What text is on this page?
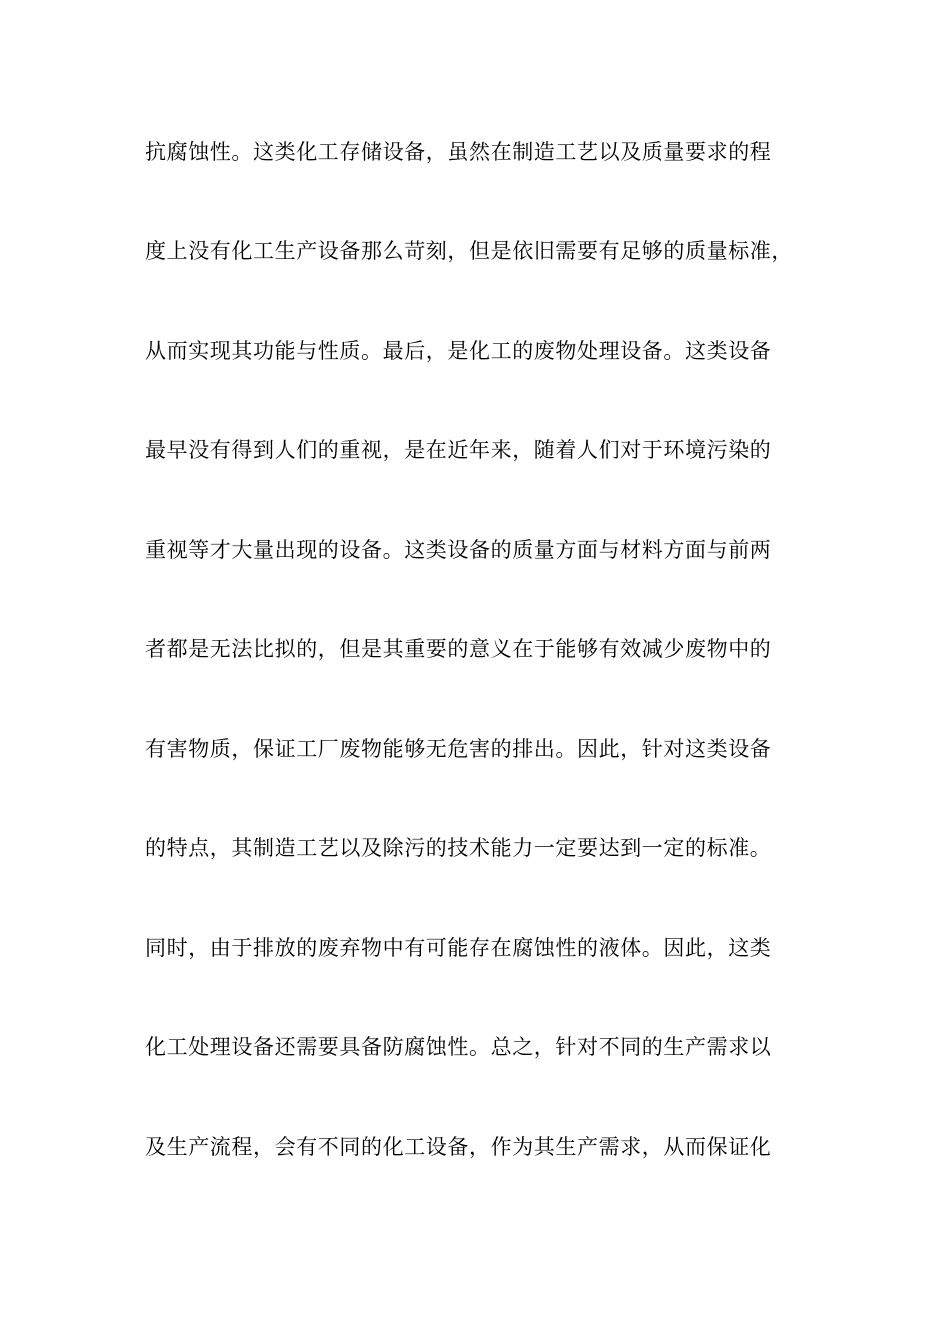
抗腐蚀性。这类化工存储设备，虽然在制造工艺以及质量要求的程
度上没有化工生产设备那么苛刻，但是依旧需要有足够的质量标准，
从而实现其功能与性质。最后，是化工的废物处理设备。这类设备
最早没有得到人们的重视，是在近年来，随着人们对于环境污染的
重视等才大量出现的设备。这类设备的质量方面与材料方面与前两
者都是无法比拟的，但是其重要的意义在于能够有效减少废物中的
有害物质，保证工厂废物能够无危害的排出。因此，针对这类设备
的特点，其制造工艺以及除污的技术能力一定要达到一定的标准。
同时，由于排放的废弃物中有可能存在腐蚀性的液体。因此，这类
化工处理设备还需要具备防腐蚀性。总之，针对不同的生产需求以
及生产流程，会有不同的化工设备，作为其生产需求，从而保证化
